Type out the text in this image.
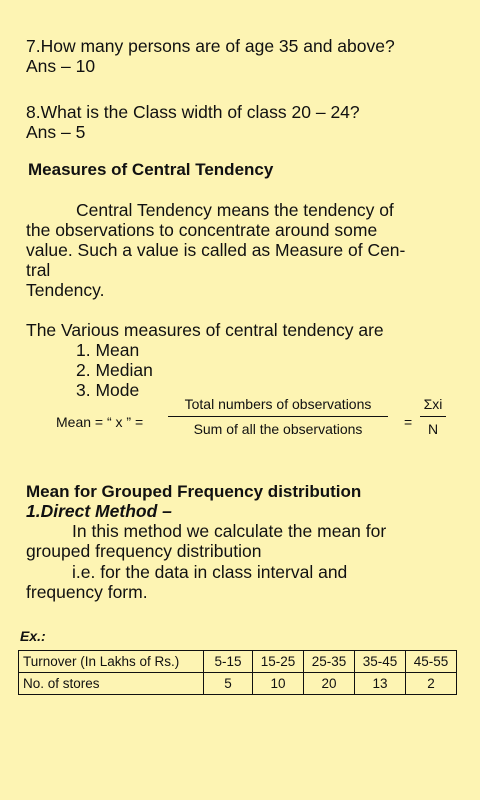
7.How many persons are of age 35 and above?
Ans – 10
8.What is the Class width of class 20 – 24?
Ans – 5
Measures of Central Tendency
Central Tendency means the tendency of
the observations to concentrate around some
value. Such a value is called as Measure of Cen-
tral
Tendency.
The Various measures of central tendency are
1. Mean
2. Median
3. Mode
Mean = “ x ” =
Total numbers of observations
Sum of all the observations	=
Σxi
N
Mean for Grouped Frequency distribution
1.Direct Method –
In this method we calculate the mean for
grouped frequency distribution
i.e. for the data in class interval and
frequency form.
Ex.:
Turnover (In Lakhs of Rs.)	5-15	15-25	25-35	35-45	45-55
No. of stores	5	10	20	13	2
